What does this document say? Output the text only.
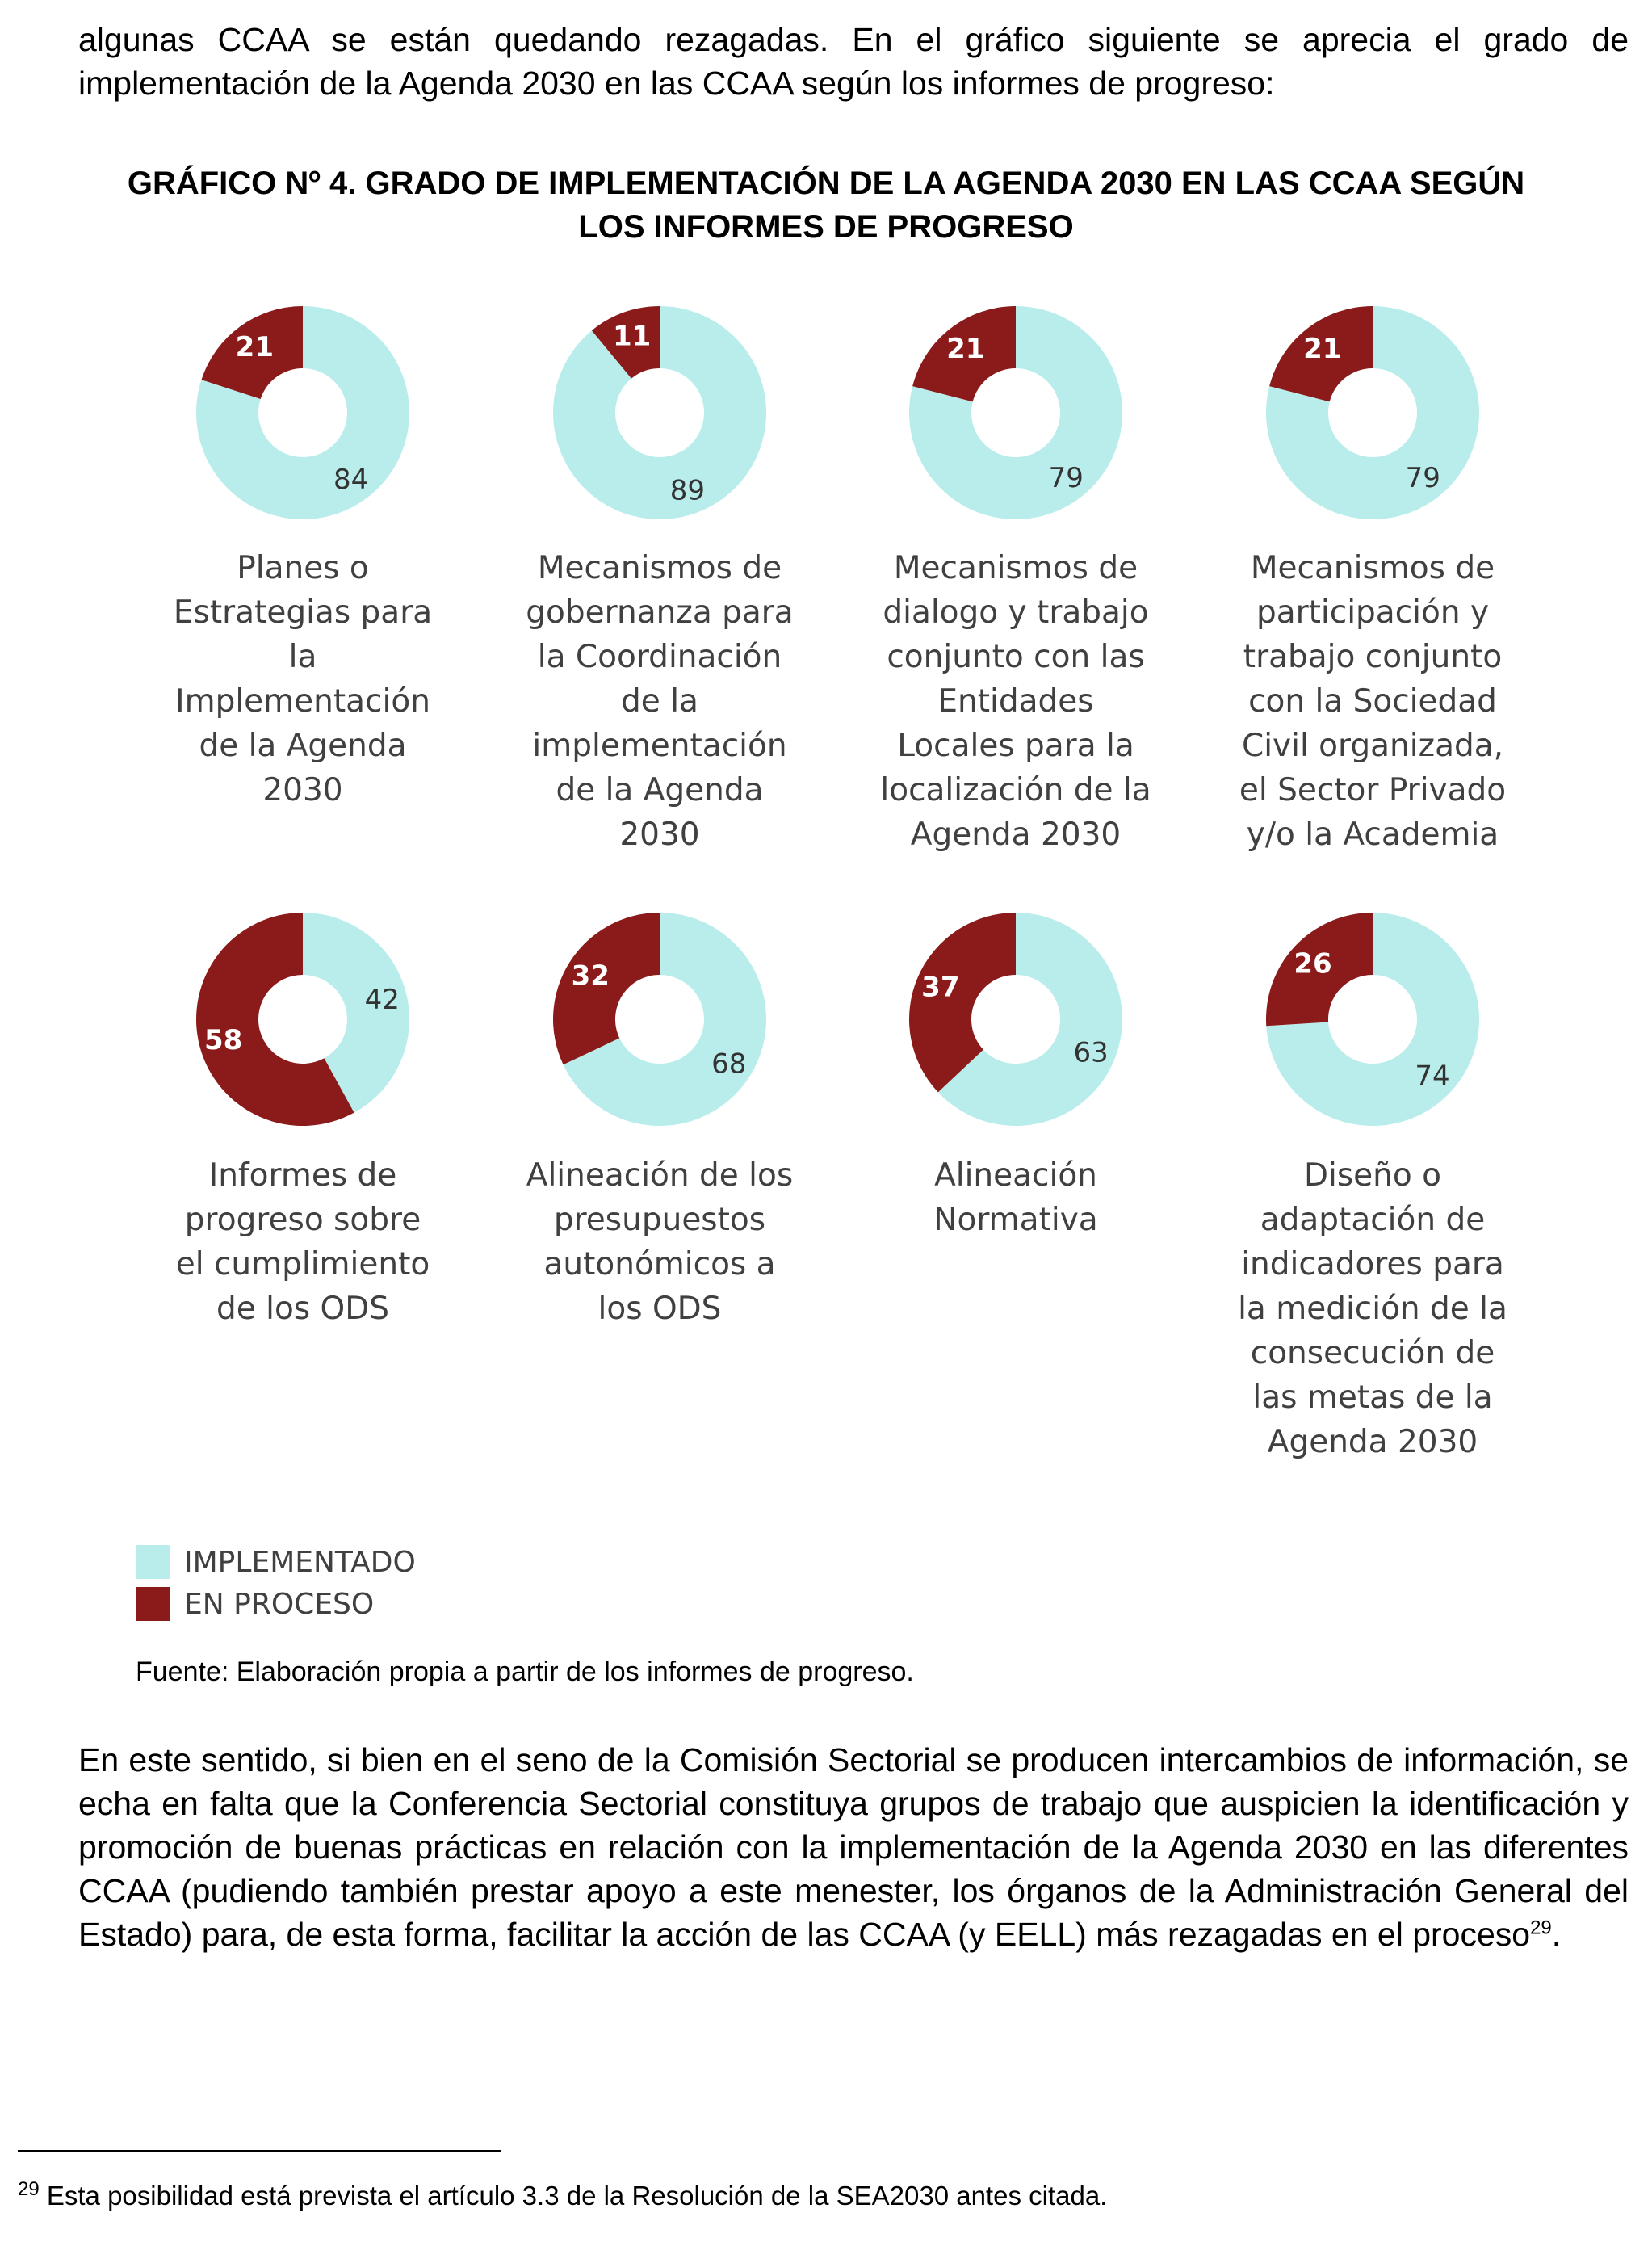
algunas CCAA se están quedando rezagadas. En el gráfico siguiente se aprecia el grado de implementación de la Agenda 2030 en las CCAA según los informes de progreso:

GRÁFICO Nº 4. GRADO DE IMPLEMENTACIÓN DE LA AGENDA 2030 EN LAS CCAA SEGÚN
LOS INFORMES DE PROGRESO
84
21
89
11
79
21
79
21
42
58
68
32
63
37
74
26
Planes o
Estrategias para
la
Implementación
de la Agenda
2030
Mecanismos de
gobernanza para
la Coordinación
de la
implementación
de la Agenda
2030
Mecanismos de
dialogo y trabajo
conjunto con las
Entidades
Locales para la
localización de la
Agenda 2030
Mecanismos de
participación y
trabajo conjunto
con la Sociedad
Civil organizada,
el Sector Privado
y/o la Academia
Informes de
progreso sobre
el cumplimiento
de los ODS
Alineación de los
presupuestos
autonómicos a
los ODS
Alineación
Normativa
Diseño o
adaptación de
indicadores para
la medición de la
consecución de
las metas de la
Agenda 2030
IMPLEMENTADO
EN PROCESO
Fuente: Elaboración propia a partir de los informes de progreso.

En este sentido, si bien en el seno de la Comisión Sectorial se producen intercambios de información, se echa en falta que la Conferencia Sectorial constituya grupos de trabajo que auspicien la identificación y promoción de buenas prácticas en relación con la implementación de la Agenda 2030 en las diferentes CCAA (pudiendo también prestar apoyo a este menester, los órganos de la Administración General del Estado) para, de esta forma, facilitar la acción de las CCAA (y EELL) más rezagadas en el proceso$^{29}$.

$^{29}$ Esta posibilidad está prevista el artículo 3.3 de la Resolución de la SEA2030 antes citada.
